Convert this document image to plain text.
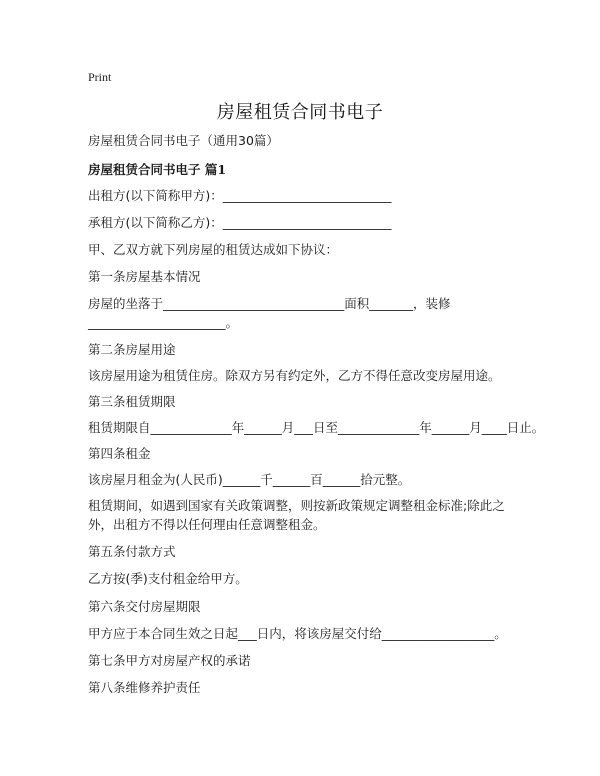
Print
房屋租赁合同书电子
房屋租赁合同书电子（通用30篇）
房屋租赁合同书电子 篇1
出租方(以下简称甲方)：___________________________
承租方(以下简称乙方)：___________________________
甲、乙双方就下列房屋的租赁达成如下协议：
第一条房屋基本情况
房屋的坐落于_____________________________面积_______，装修______________________。
第二条房屋用途
该房屋用途为租赁住房。除双方另有约定外，乙方不得任意改变房屋用途。
第三条租赁期限
租赁期限自_____________年______月___日至_____________年______月____日止。
第四条租金
该房屋月租金为(人民币)______千______百______拾元整。
租赁期间，如遇到国家有关政策调整，则按新政策规定调整租金标准;除此之外，出租方不得以任何理由任意调整租金。
第五条付款方式
乙方按(季)支付租金给甲方。
第六条交付房屋期限
甲方应于本合同生效之日起___日内，将该房屋交付给__________________。
第七条甲方对房屋产权的承诺
第八条维修养护责任
